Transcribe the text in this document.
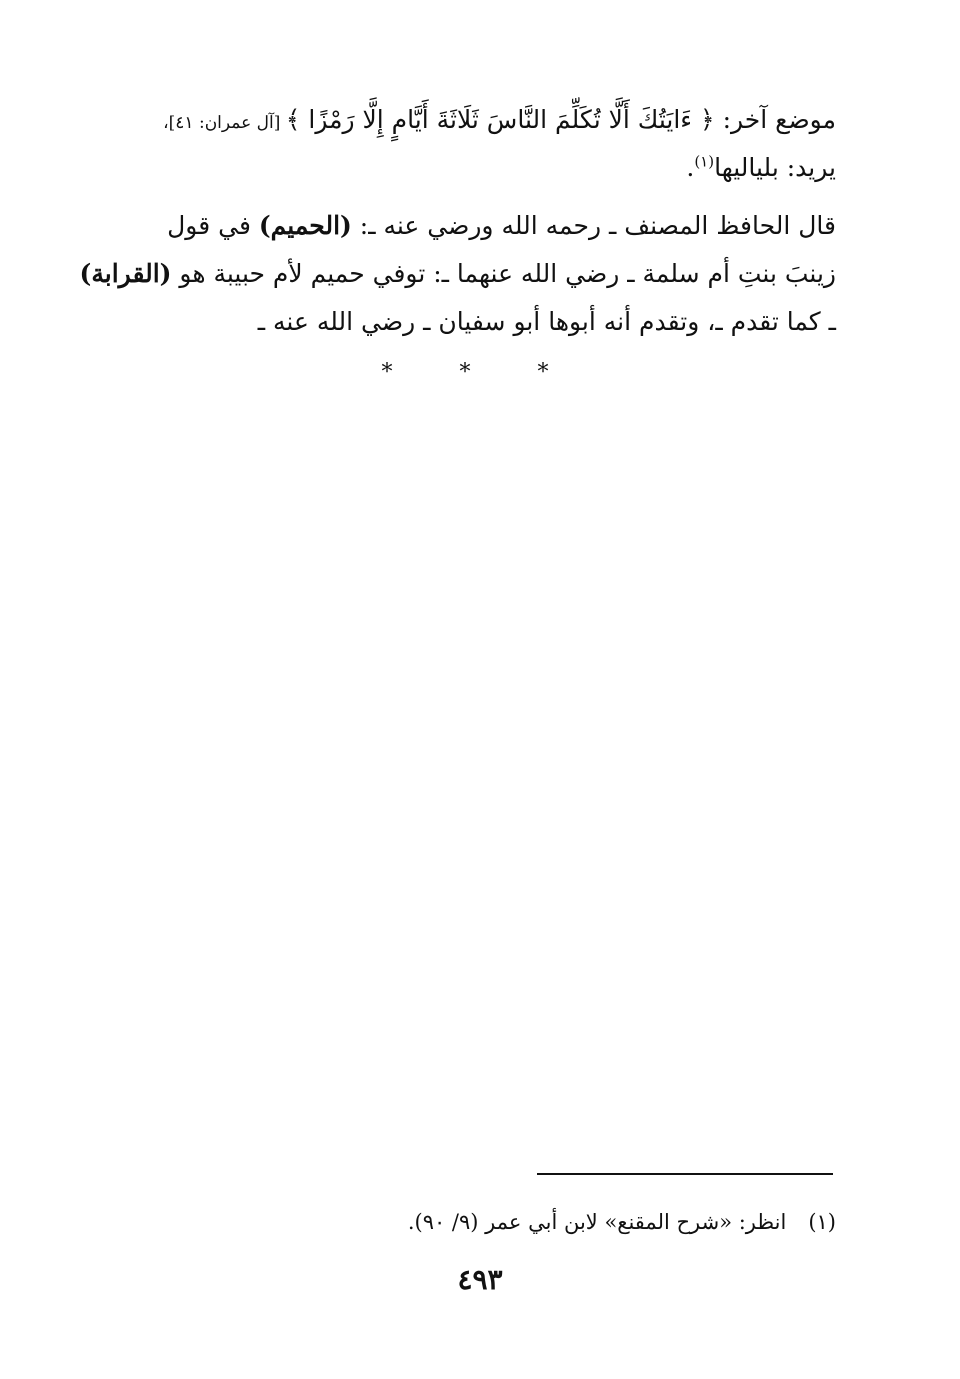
موضع آخر: ﴿ ءَايَتُكَ أَلَّا تُكَلِّمَ النَّاسَ ثَلَاثَةَ أَيَّامٍ إِلَّا رَمْزًا ﴾ [آل عمران: ٤١]،
يريد: بلياليها$^{(١)}$.
قال الحافظ المصنف ـ رحمه الله ورضي عنه ـ: (الحميم) في قول
زينبَ بنتِ أم سلمة ـ رضي الله عنهما ـ: توفي حميم لأم حبيبة هو (القرابة)
ـ كما تقدم ـ، وتقدم أنه أبوها أبو سفيان ـ رضي الله عنه ـ
* * *
(١)انظر: «شرح المقنع» لابن أبي عمر (٩/ ٩٠).
٤٩٣
